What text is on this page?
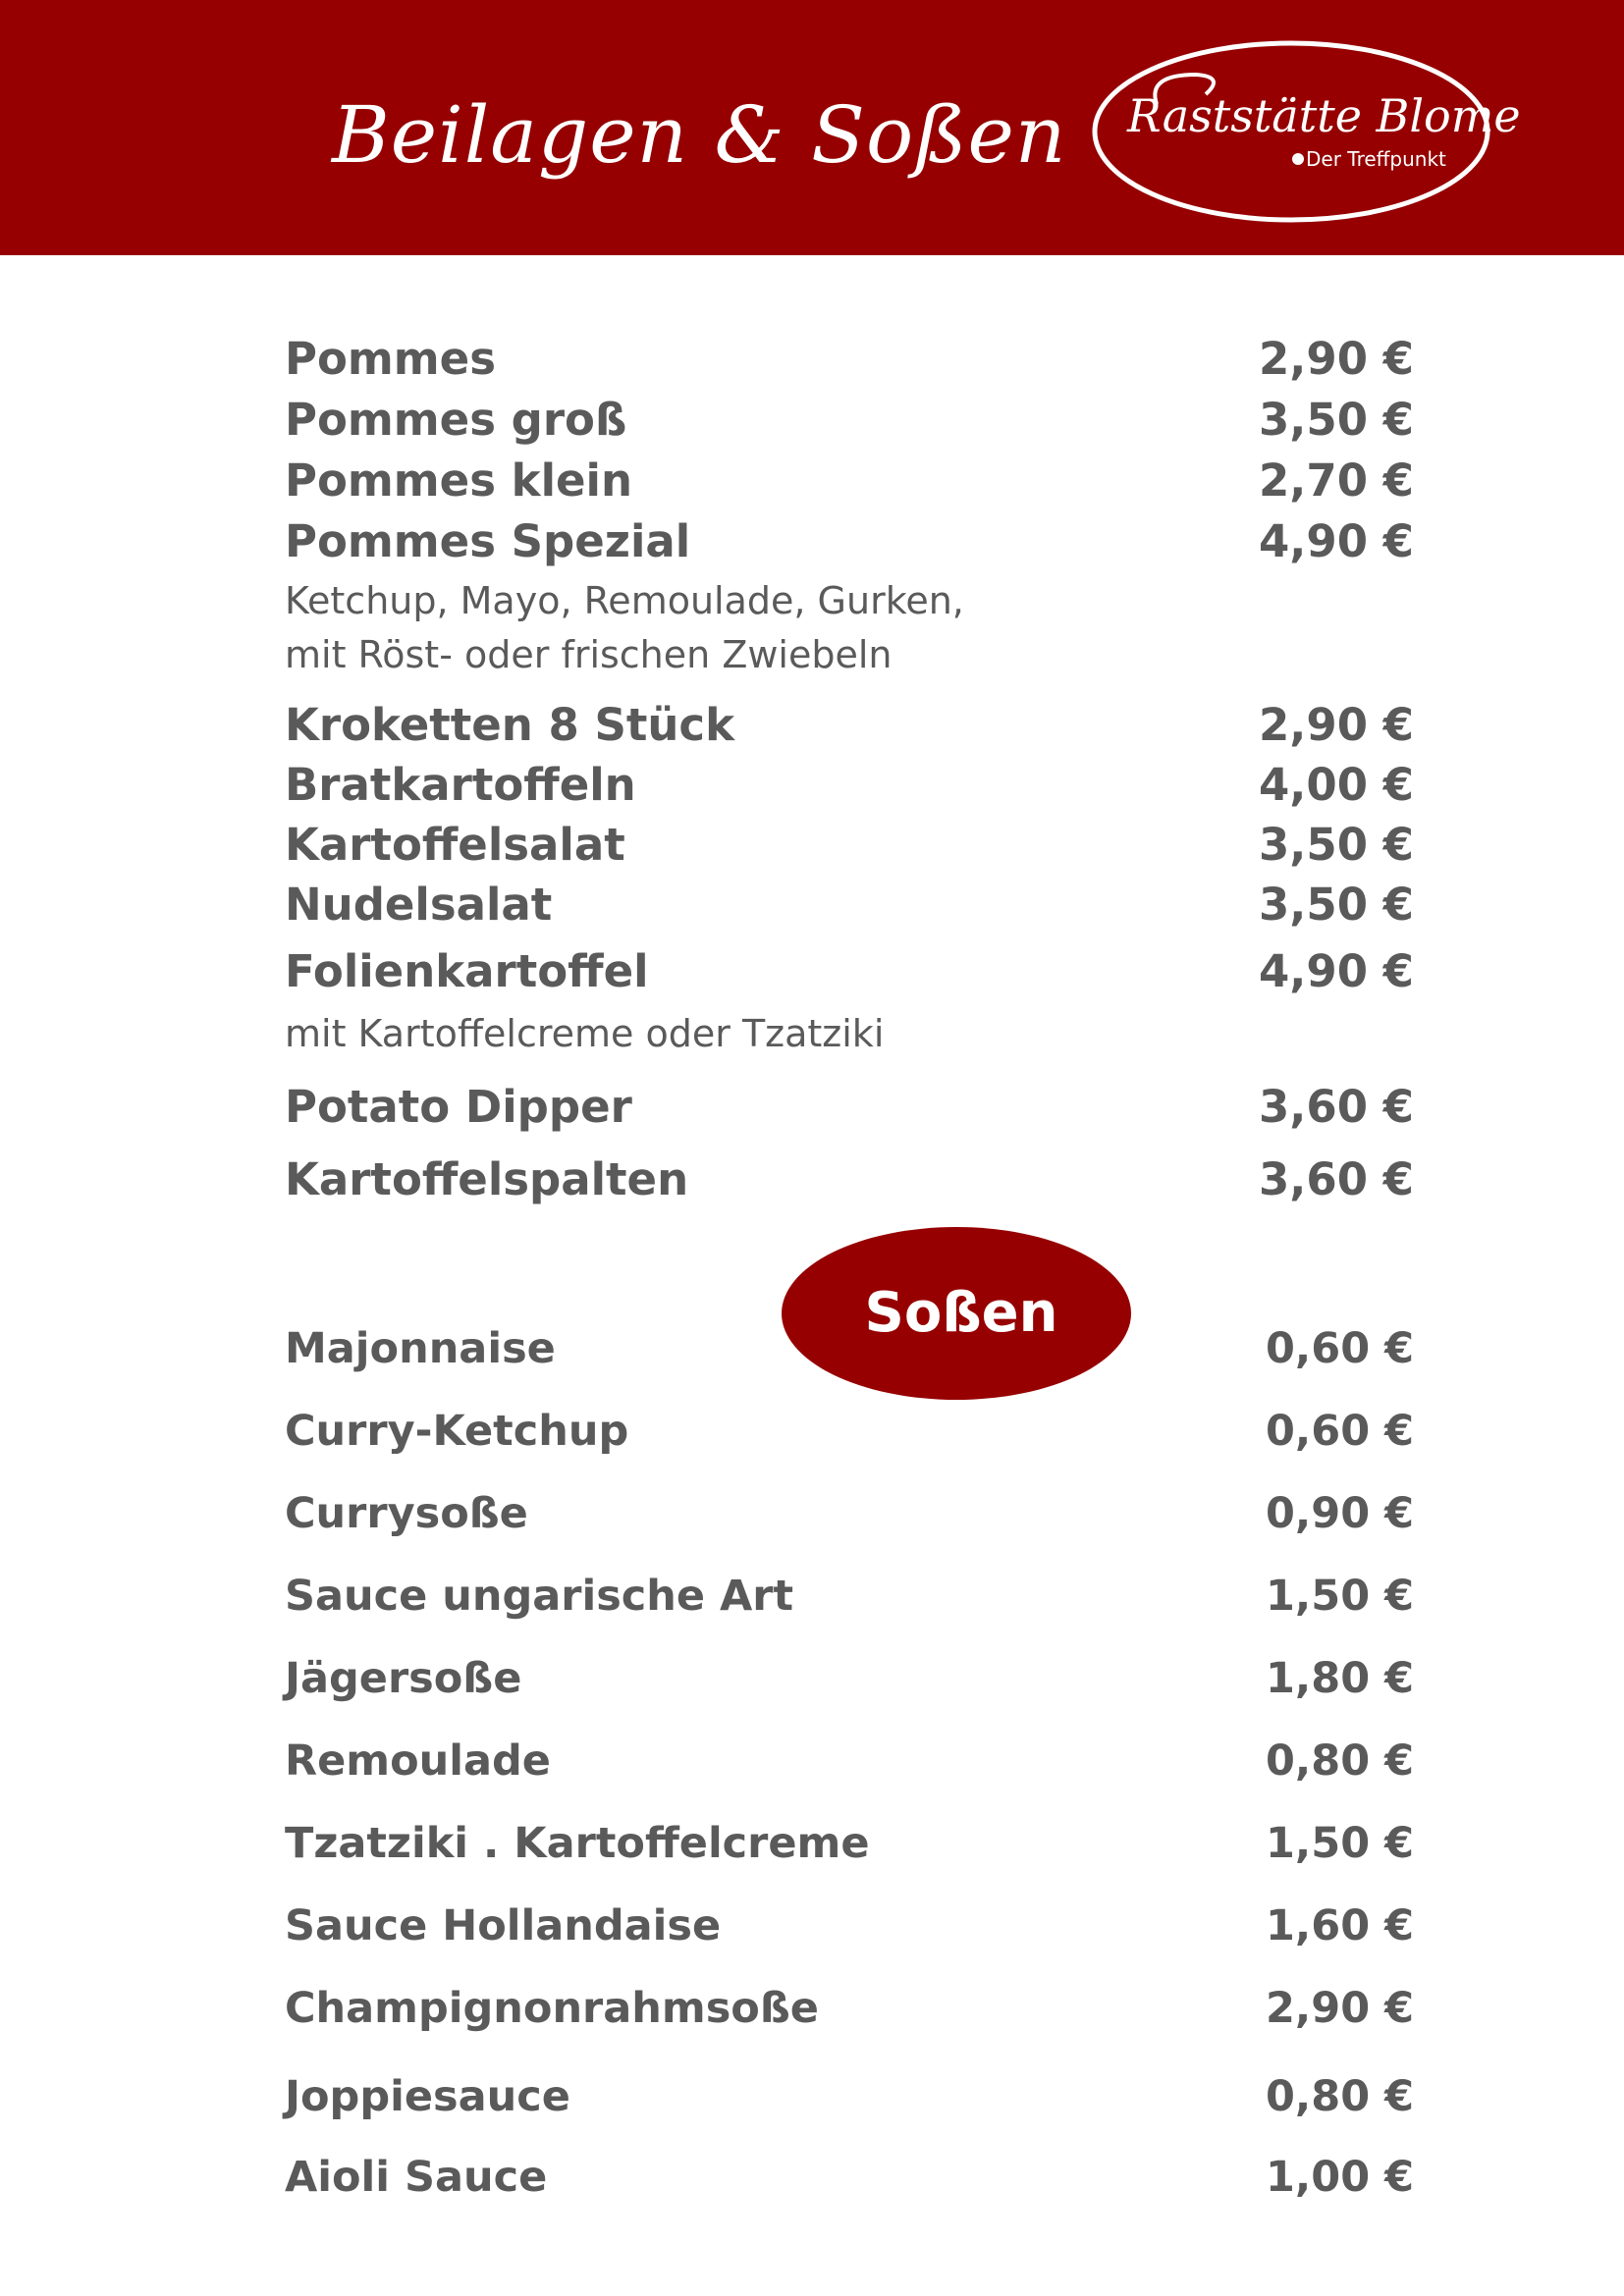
Beilagen & Soßen Raststätte Blome
Der Treffpunkt
Pommes	2,90 €
Pommes groß	3,50 €
Pommes klein	2,70 €
Pommes Spezial	4,90 €
Ketchup, Mayo, Remoulade, Gurken,
mit Röst- oder frischen Zwiebeln
Kroketten 8 Stück	2,90 €
Bratkartoffeln	4,00 €
Kartoffelsalat	3,50 €
Nudelsalat	3,50 €
Folienkartoffel	4,90 €
mit Kartoffelcreme oder Tzatziki
Potato Dipper	3,60 €
Kartoffelspalten	3,60 €
Soßen
Majonnaise	0,60 €
Curry-Ketchup	0,60 €
Currysoße	0,90 €
Sauce ungarische Art	1,50 €
Jägersoße	1,80 €
Remoulade	0,80 €
Tzatziki . Kartoffelcreme	1,50 €
Sauce Hollandaise	1,60 €
Champignonrahmsoße	2,90 €
Joppiesauce	0,80 €
Aioli Sauce	1,00 €
